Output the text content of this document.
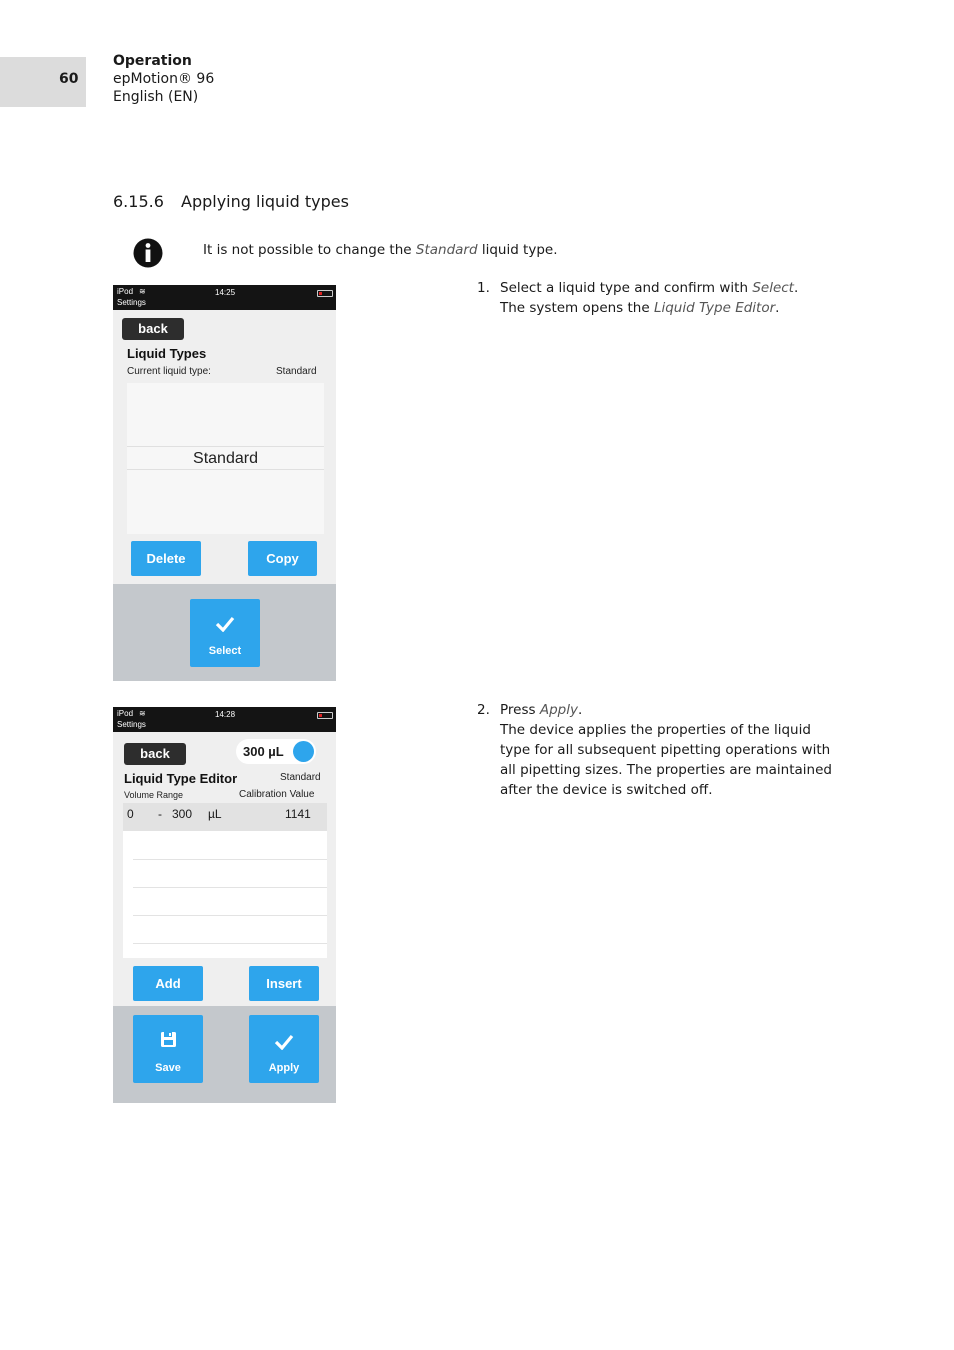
60
Operation
epMotion® 96
English (EN)
6.15.6 Applying liquid types
It is not possible to change the Standard liquid type.
1. Select a liquid type and confirm with Select.
The system opens the Liquid Type Editor.
2. Press Apply.
The device applies the properties of the liquid type for all subsequent pipetting operations with all pipetting sizes. The properties are maintained after the device is switched off.
iPod ≋
Settings
14:25
back
Liquid Types
Current liquid type:	Standard
Standard
Delete	Copy
Select
iPod ≋
Settings
14:28
back	300 µL
Liquid Type Editor	Standard
Volume Range	Calibration Value
0 - 300 µL	1141
Add	Insert
Save	Apply
